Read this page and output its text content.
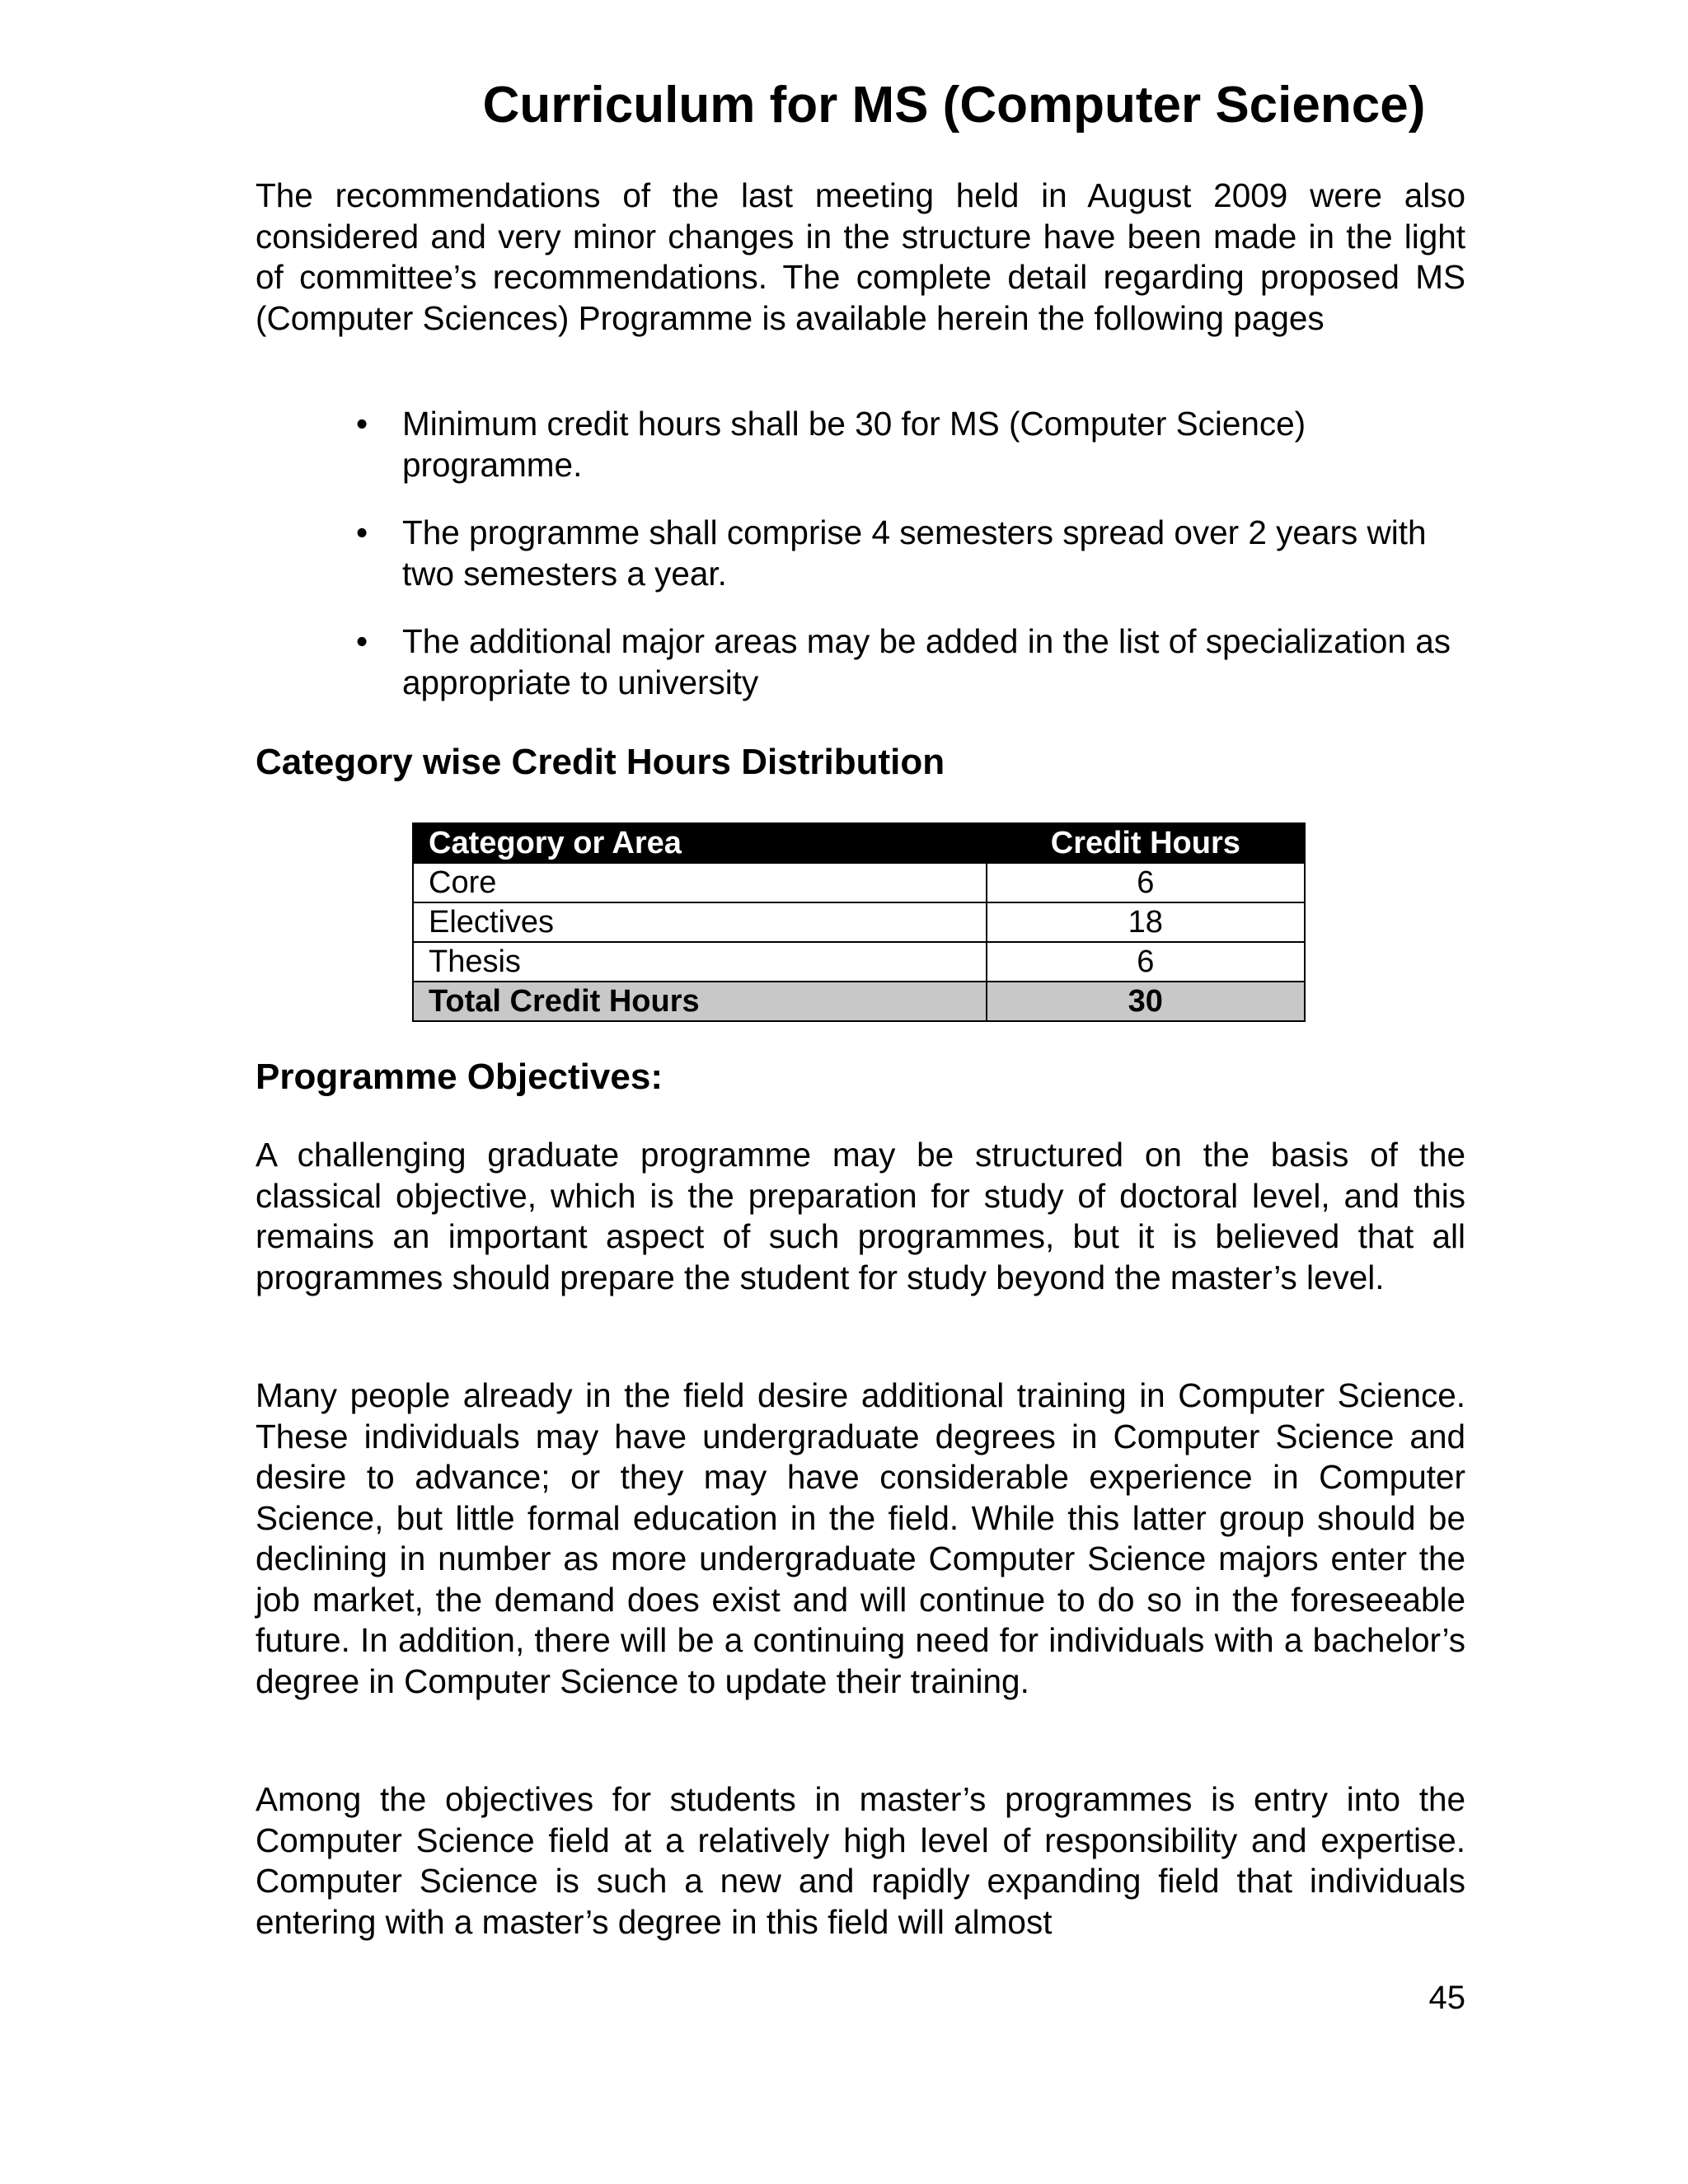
Curriculum for MS (Computer Science)

The recommendations of the last meeting held in August 2009 were also considered and very minor changes in the structure have been made in the light of committee’s recommendations. The complete detail regarding proposed MS (Computer Sciences) Programme is available herein the following pages

• Minimum credit hours shall be 30 for MS (Computer Science) programme.
• The programme shall comprise 4 semesters spread over 2 years with two semesters a year.
• The additional major areas may be added in the list of specialization as appropriate to university
Category wise Credit Hours Distribution
Category or Area	Credit Hours
Core	6
Electives	18
Thesis	6
Total Credit Hours	30
Programme Objectives:

A challenging graduate programme may be structured on the basis of the classical objective, which is the preparation for study of doctoral level, and this remains an important aspect of such programmes, but it is believed that all programmes should prepare the student for study beyond the master’s level.

Many people already in the field desire additional training in Computer Science. These individuals may have undergraduate degrees in Computer Science and desire to advance; or they may have considerable experience in Computer Science, but little formal education in the field. While this latter group should be declining in number as more undergraduate Computer Science majors enter the job market, the demand does exist and will continue to do so in the foreseeable future. In addition, there will be a continuing need for individuals with a bachelor’s degree in Computer Science to update their training.

Among the objectives for students in master’s programmes is entry into the Computer Science field at a relatively high level of responsibility and expertise. Computer Science is such a new and rapidly expanding field that individuals entering with a master’s degree in this field will almost

45
